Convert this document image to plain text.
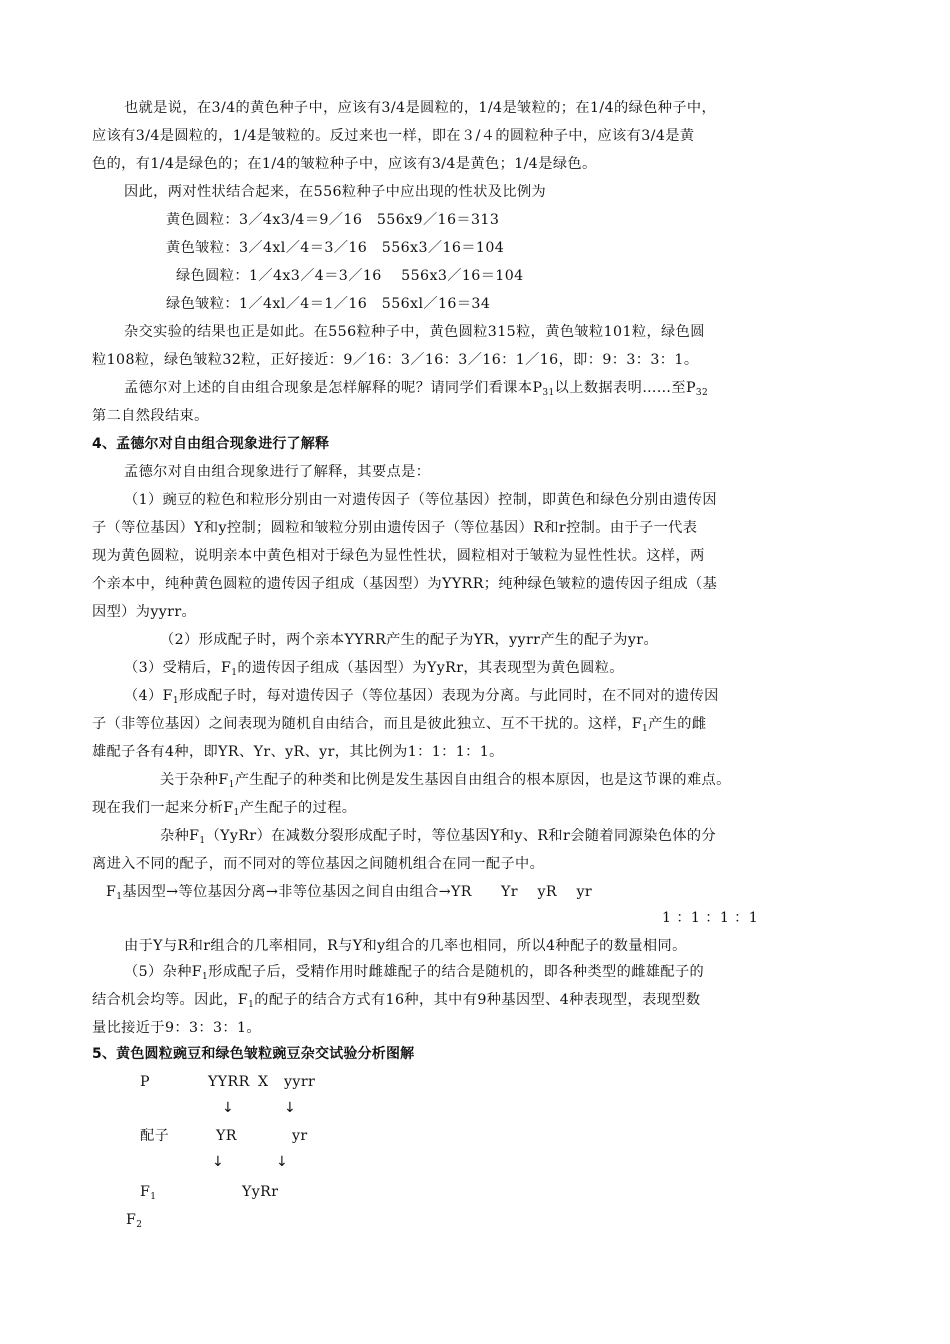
也就是说，在3/4的黄色种子中，应该有3/4是圆粒的，1/4是皱粒的；在1/4的绿色种子中，
应该有3/4是圆粒的，1/4是皱粒的。反过来也一样，即在３/４的圆粒种子中，应该有3/4是黄
色的，有1/4是绿色的；在1/4的皱粒种子中，应该有3/4是黄色；1/4是绿色。
因此，两对性状结合起来，在556粒种子中应出现的性状及比例为
黄色圆粒：3／4x3/4＝9／16　556x9／16＝313
黄色皱粒：3／4xl／4＝3／16　556x3／16＝104
绿色圆粒：1／4x3／4＝3／16　 556x3／16＝104
绿色皱粒：1／4xl／4＝1／16　556xl／16＝34
杂交实验的结果也正是如此。在556粒种子中，黄色圆粒315粒，黄色皱粒101粒，绿色圆
粒108粒，绿色皱粒32粒，正好接近：9／16：3／16：3／16：1／16，即：9：3：3：1。
孟德尔对上述的自由组合现象是怎样解释的呢？请同学们看课本$P_{31}$以上数据表明……至$P_{32}$
第二自然段结束。
4、孟德尔对自由组合现象进行了解释
孟德尔对自由组合现象进行了解释，其要点是：
（1）豌豆的粒色和粒形分别由一对遗传因子（等位基因）控制，即黄色和绿色分别由遗传因
子（等位基因）Y和y控制；圆粒和皱粒分别由遗传因子（等位基因）R和r控制。由于子一代表
现为黄色圆粒，说明亲本中黄色相对于绿色为显性性状，圆粒相对于皱粒为显性性状。这样，两
个亲本中，纯种黄色圆粒的遗传因子组成（基因型）为YYRR；纯种绿色皱粒的遗传因子组成（基
因型）为yyrr。
（2）形成配子时，两个亲本YYRR产生的配子为YR，yyrr产生的配子为yr。
（3）受精后，$F_1$的遗传因子组成（基因型）为YyRr，其表现型为黄色圆粒。
$(4)F_1$形成配子时，每对遗传因子（等位基因）表现为分离。与此同时，在不同对的遗传因
子（非等位基因）之间表现为随机自由结合，而且是彼此独立、互不干扰的。这样，$F_1$产生的雌
雄配子各有4种，即YR、Yr、yR、yr，其比例为1：1：1：1。
关于杂种$F_1$产生配子的种类和比例是发生基因自由组合的根本原因，也是这节课的难点。
现在我们一起来分析$F_1$产生配子的过程。
杂种$F_1(YyRr)$在减数分裂形成配子时，等位基因Y和y、R和r会随着同源染色体的分
离进入不同的配子，而不同对的等位基因之间随机组合在同一配子中。
$F_1$基因型→等位基因分离→非等位基因之间自由组合→YR　　Yr　 yR　 yr
1 ：1 ：1 ：1
由于Y与R和r组合的几率相同，R与Y和y组合的几率也相同，所以4种配子的数量相同。
（5）杂种$F_1$形成配子后，受精作用时雌雄配子的结合是随机的，即各种类型的雌雄配子的
结合机会均等。因此，$F_1$的配子的结合方式有16种，其中有9种基因型、4种表现型，表现型数
量比接近于9：3：3：1。
5、黄色圆粒豌豆和绿色皱粒豌豆杂交试验分析图解
P	YYRR X yyrr
↓	↓
配子	YR	yr
↓	↓
$F_1$	YyRr
$F_2$
